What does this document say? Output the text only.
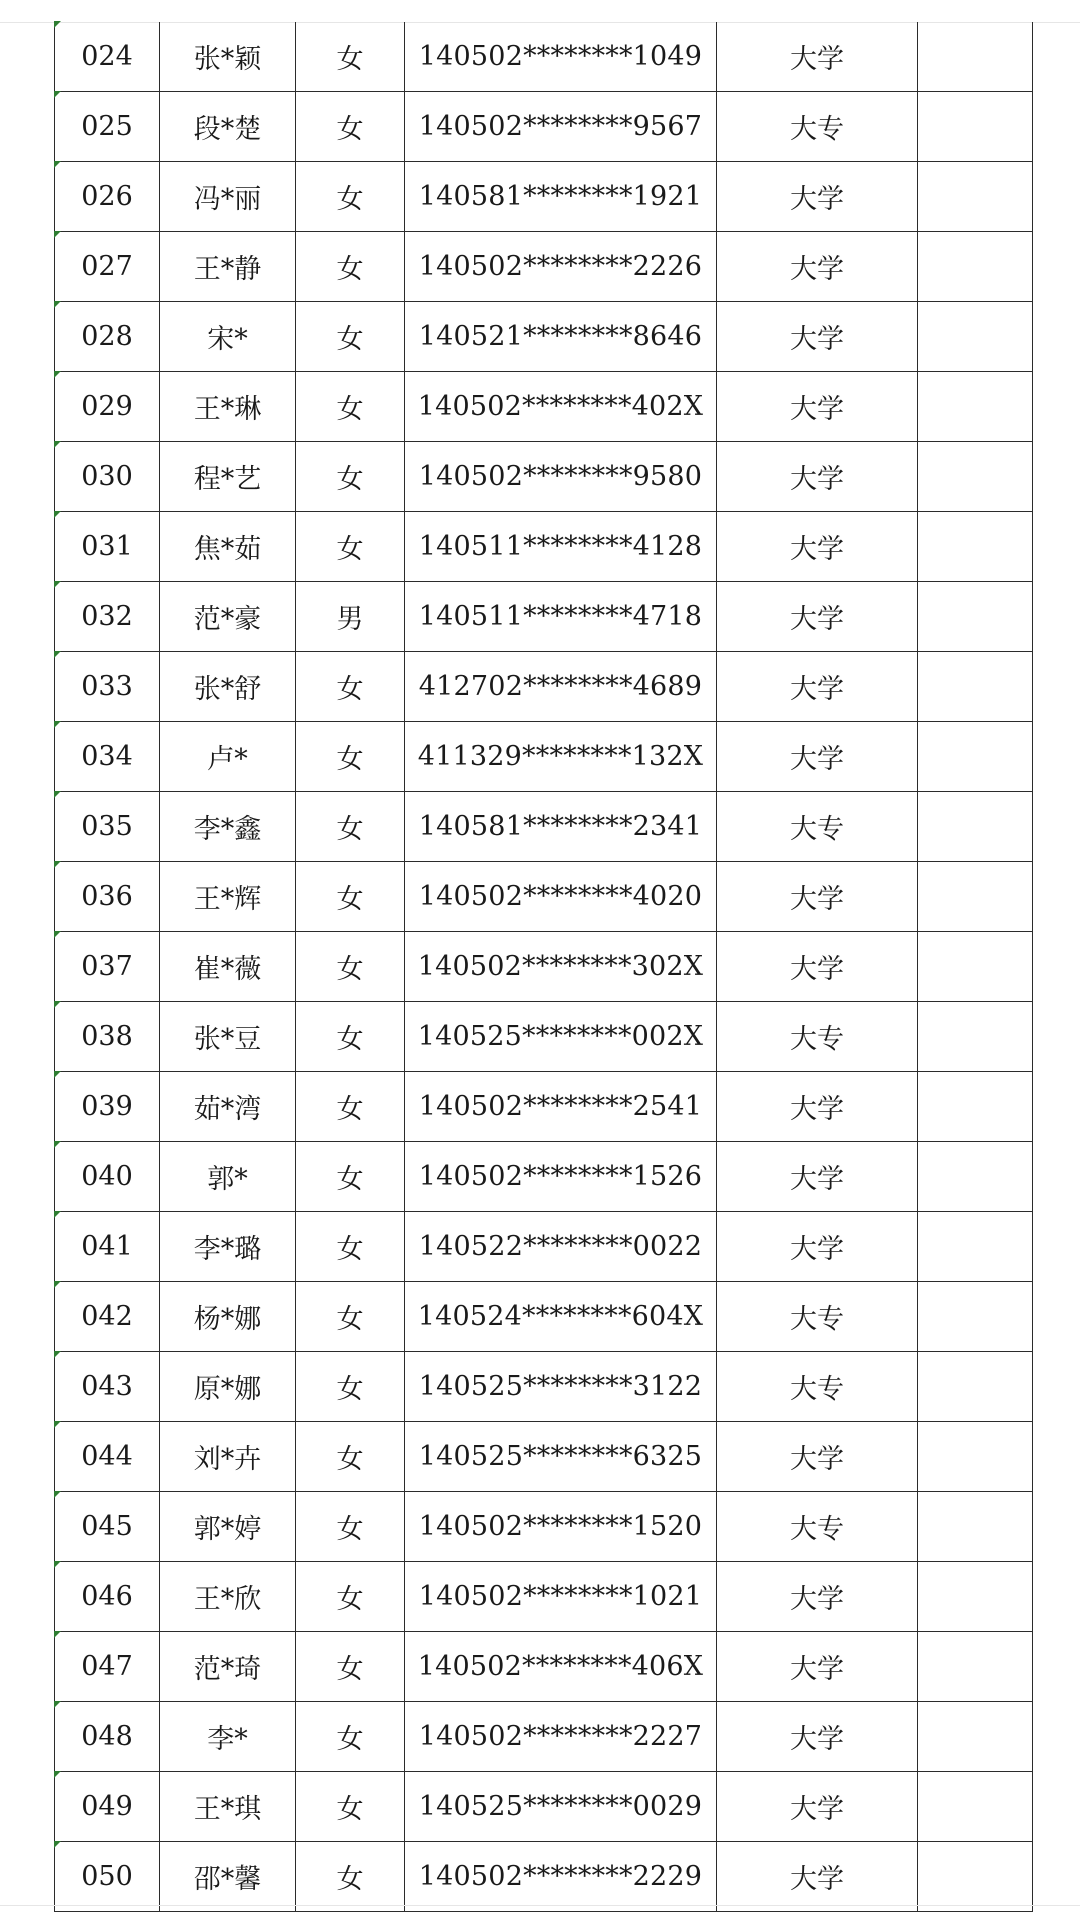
024	张*颖	女	140502********1049	大学	
025	段*楚	女	140502********9567	大专	
026	冯*丽	女	140581********1921	大学	
027	王*静	女	140502********2226	大学	
028	宋*	女	140521********8646	大学	
029	王*琳	女	140502********402X	大学	
030	程*艺	女	140502********9580	大学	
031	焦*茹	女	140511********4128	大学	
032	范*豪	男	140511********4718	大学	
033	张*舒	女	412702********4689	大学	
034	卢*	女	411329********132X	大学	
035	李*鑫	女	140581********2341	大专	
036	王*辉	女	140502********4020	大学	
037	崔*薇	女	140502********302X	大学	
038	张*豆	女	140525********002X	大专	
039	茹*湾	女	140502********2541	大学	
040	郭*	女	140502********1526	大学	
041	李*璐	女	140522********0022	大学	
042	杨*娜	女	140524********604X	大专	
043	原*娜	女	140525********3122	大专	
044	刘*卉	女	140525********6325	大学	
045	郭*婷	女	140502********1520	大专	
046	王*欣	女	140502********1021	大学	
047	范*琦	女	140502********406X	大学	
048	李*	女	140502********2227	大学	
049	王*琪	女	140525********0029	大学	
050	邵*馨	女	140502********2229	大学	
